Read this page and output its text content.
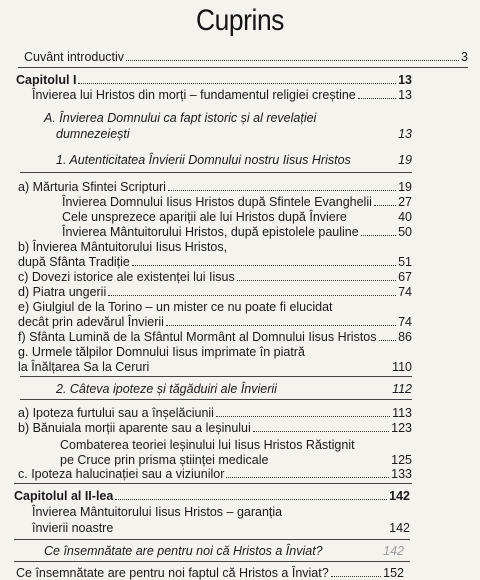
Cuprins
Cuvânt introductiv	3
Capitolul I	13
Învierea lui Hristos din morți – fundamentul religiei creștine	13
A. Învierea Domnului ca fapt istoric și al revelației
dumnezeiești	13
1. Autenticitatea Învierii Domnului nostru Iisus Hristos	19
a) Mărturia Sfintei Scripturi	19
Învierea Domnului Iisus Hristos după Sfintele Evanghelii 27
Cele unsprezece apariții ale lui Hristos după Înviere	40
Învierea Mântuitorului Hristos, după epistolele pauline	50
b) Învierea Mântuitorului Iisus Hristos,
după Sfânta Tradiție	51
c) Dovezi istorice ale existenței lui Iisus	67
d) Piatra ungerii	74
e) Giulgiul de la Torino – un mister ce nu poate fi elucidat
decât prin adevărul Învierii	74
f) Sfânta Lumină de la Sfântul Mormânt al Domnului Iisus Hristos 86
g. Urmele tălpilor Domnului Iisus imprimate în piatră
la Înălțarea Sa la Ceruri	110
2. Câteva ipoteze și tăgăduiri ale Învierii	112
a) Ipoteza furtului sau a înșelăciunii	113
b) Bănuiala morții aparente sau a leșinului	123
Combaterea teoriei leșinului lui Iisus Hristos Răstignit
pe Cruce prin prisma științei medicale	125
c. Ipoteza halucinației sau a viziunilor	133
Capitolul al II-lea	142
Învierea Mântuitorului Iisus Hristos – garanția
învierii noastre	142
Ce însemnătate are pentru noi că Hristos a Înviat?	142
Ce însemnătate are pentru noi faptul că Hristos a Înviat?	152
